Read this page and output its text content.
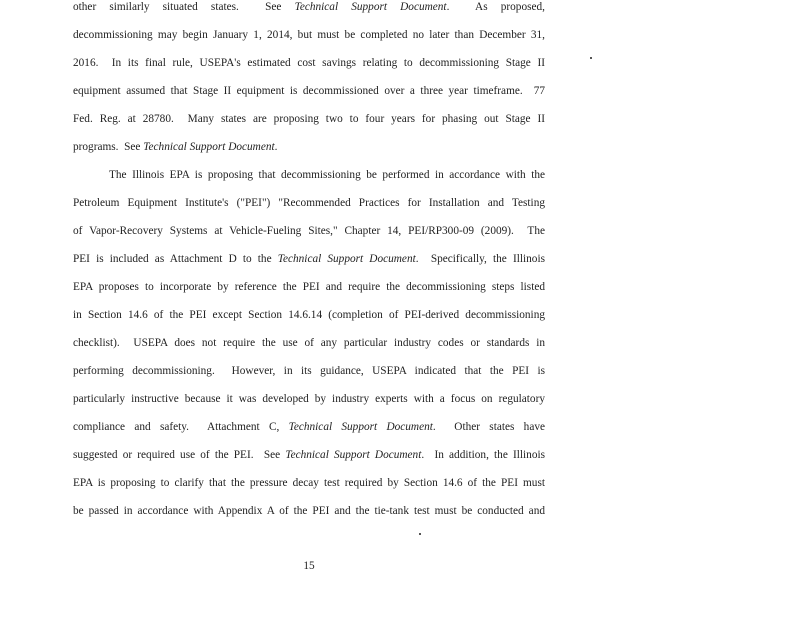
other similarly situated states.  See Technical Support Document.  As proposed,
decommissioning may begin January 1, 2014, but must be completed no later than December 31,
2016.  In its final rule, USEPA's estimated cost savings relating to decommissioning Stage II
equipment assumed that Stage II equipment is decommissioned over a three year timeframe.  77
Fed. Reg. at 28780.  Many states are proposing two to four years for phasing out Stage II
programs.  See Technical Support Document.
The Illinois EPA is proposing that decommissioning be performed in accordance with the
Petroleum Equipment Institute's ("PEI") "Recommended Practices for Installation and Testing
of Vapor-Recovery Systems at Vehicle-Fueling Sites," Chapter 14, PEI/RP300-09 (2009).  The
PEI is included as Attachment D to the Technical Support Document.  Specifically, the Illinois
EPA proposes to incorporate by reference the PEI and require the decommissioning steps listed
in Section 14.6 of the PEI except Section 14.6.14 (completion of PEI-derived decommissioning
checklist).  USEPA does not require the use of any particular industry codes or standards in
performing decommissioning.  However, in its guidance, USEPA indicated that the PEI is
particularly instructive because it was developed by industry experts with a focus on regulatory
compliance and safety.  Attachment C, Technical Support Document.  Other states have
suggested or required use of the PEI.  See Technical Support Document.  In addition, the Illinois
EPA is proposing to clarify that the pressure decay test required by Section 14.6 of the PEI must
be passed in accordance with Appendix A of the PEI and the tie-tank test must be conducted and
15
